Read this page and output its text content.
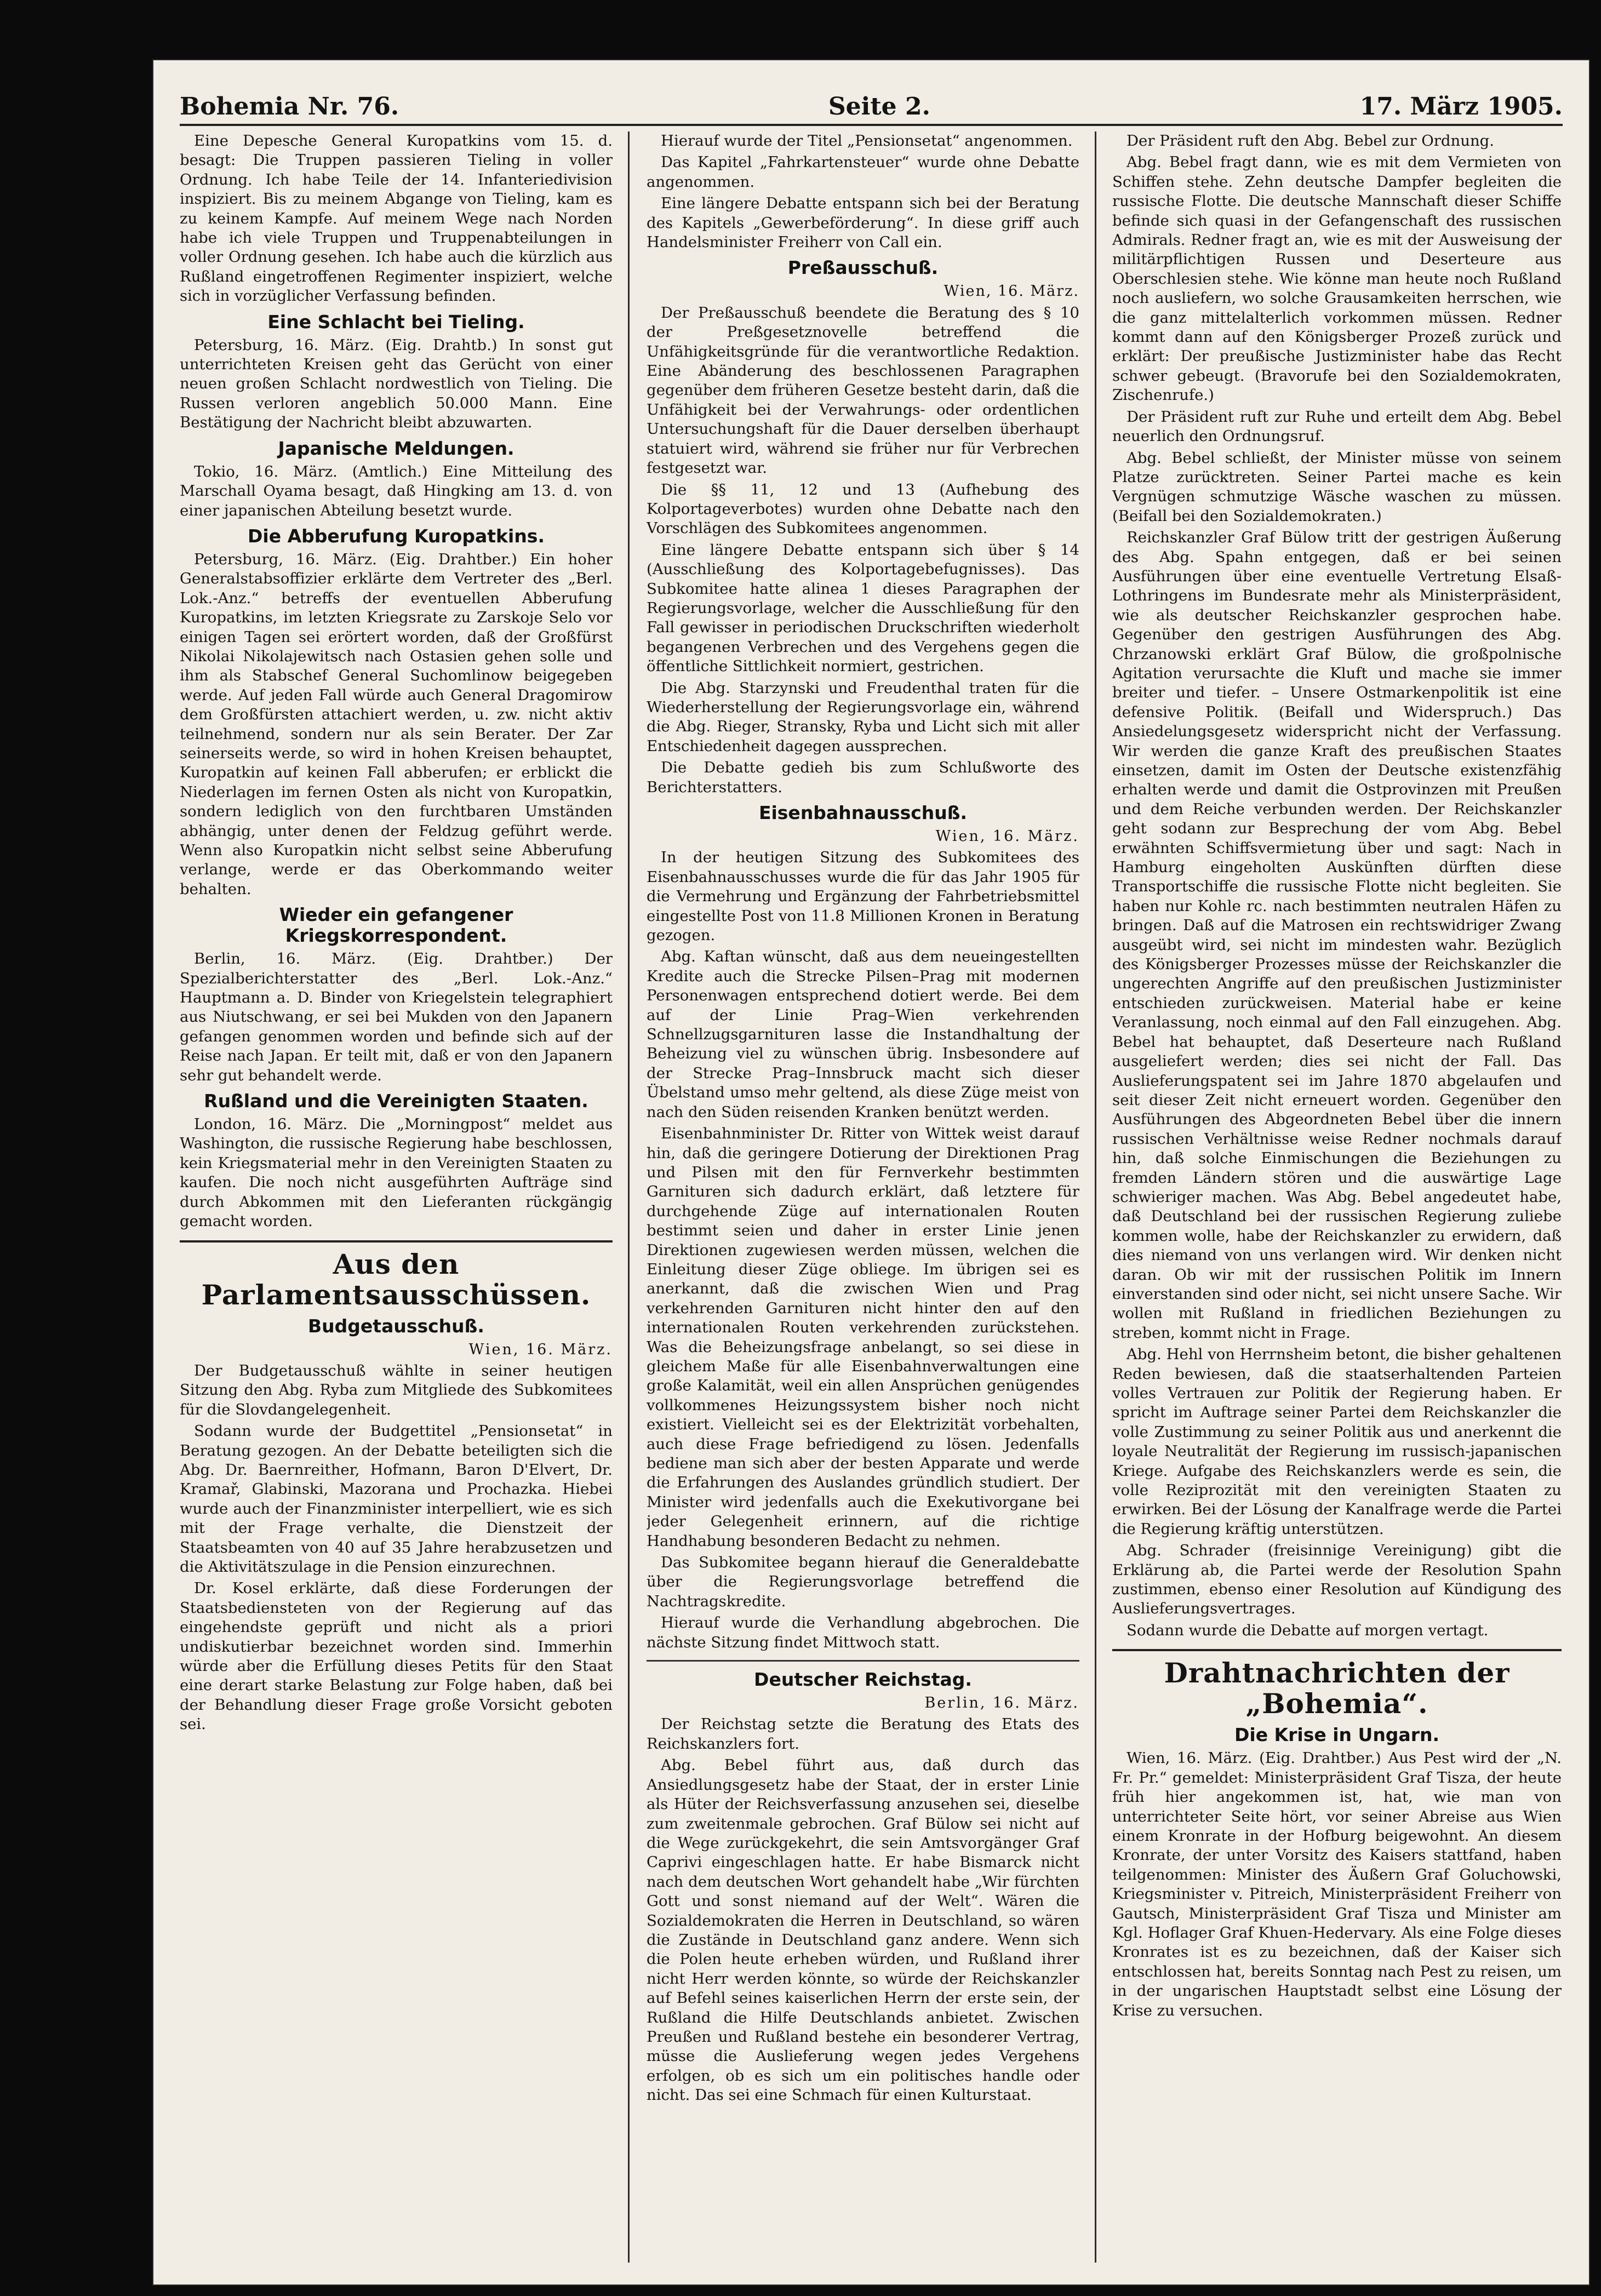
Bohemia Nr. 76.	Seite 2.	17. März 1905.

Eine Depesche General Kuropatkins vom 15. d. besagt: Die Truppen passieren Tieling in voller Ordnung. Ich habe Teile der 14. Infanteriedivision inspiziert. Bis zu meinem Abgange von Tieling, kam es zu keinem Kampfe. Auf meinem Wege nach Norden habe ich viele Truppen und Truppenabteilungen in voller Ordnung gesehen. Ich habe auch die kürzlich aus Rußland eingetroffenen Regimenter inspiziert, welche sich in vorzüglicher Verfassung befinden.

Eine Schlacht bei Tieling.

Petersburg, 16. März. (Eig. Drahtb.) In sonst gut unterrichteten Kreisen geht das Gerücht von einer neuen großen Schlacht nordwestlich von Tieling. Die Russen verloren angeblich 50.000 Mann. Eine Bestätigung der Nachricht bleibt abzuwarten.

Japanische Meldungen.

Tokio, 16. März. (Amtlich.) Eine Mitteilung des Marschall Oyama besagt, daß Hingking am 13. d. von einer japanischen Abteilung besetzt wurde.

Die Abberufung Kuropatkins.

Petersburg, 16. März. (Eig. Drahtber.) Ein hoher Generalstabsoffizier erklärte dem Vertreter des „Berl. Lok.-Anz.“ betreffs der eventuellen Abberufung Kuropatkins, im letzten Kriegsrate zu Zarskoje Selo vor einigen Tagen sei erörtert worden, daß der Großfürst Nikolai Nikolajewitsch nach Ostasien gehen solle und ihm als Stabschef General Suchomlinow beigegeben werde. Auf jeden Fall würde auch General Dragomirow dem Großfürsten attachiert werden, u. zw. nicht aktiv teilnehmend, sondern nur als sein Berater. Der Zar seinerseits werde, so wird in hohen Kreisen behauptet, Kuropatkin auf keinen Fall abberufen; er erblickt die Niederlagen im fernen Osten als nicht von Kuropatkin, sondern lediglich von den furchtbaren Umständen abhängig, unter denen der Feldzug geführt werde. Wenn also Kuropatkin nicht selbst seine Abberufung verlange, werde er das Oberkommando weiter behalten.

Wieder ein gefangener Kriegskorrespondent.

Berlin, 16. März. (Eig. Drahtber.) Der Spezialberichterstatter des „Berl. Lok.-Anz.“ Hauptmann a. D. Binder von Kriegelstein telegraphiert aus Niutschwang, er sei bei Mukden von den Japanern gefangen genommen worden und befinde sich auf der Reise nach Japan. Er teilt mit, daß er von den Japanern sehr gut behandelt werde.

Rußland und die Vereinigten Staaten.

London, 16. März. Die „Morningpost“ meldet aus Washington, die russische Regierung habe beschlossen, kein Kriegsmaterial mehr in den Vereinigten Staaten zu kaufen. Die noch nicht ausgeführten Aufträge sind durch Abkommen mit den Lieferanten rückgängig gemacht worden.

Aus den Parlamentsausschüssen.
Budgetausschuß.
Wien, 16. März.

Der Budgetausschuß wählte in seiner heutigen Sitzung den Abg. Ryba zum Mitgliede des Subkomitees für die Slovdangelegenheit.

Sodann wurde der Budgettitel „Pensionsetat“ in Beratung gezogen. An der Debatte beteiligten sich die Abg. Dr. Baernreither, Hofmann, Baron D'Elvert, Dr. Kramař, Glabinski, Mazorana und Prochazka. Hiebei wurde auch der Finanzminister interpelliert, wie es sich mit der Frage verhalte, die Dienstzeit der Staatsbeamten von 40 auf 35 Jahre herabzusetzen und die Aktivitätszulage in die Pension einzurechnen.

Dr. Kosel erklärte, daß diese Forderungen der Staatsbediensteten von der Regierung auf das eingehendste geprüft und nicht als a priori undiskutierbar bezeichnet worden sind. Immerhin würde aber die Erfüllung dieses Petits für den Staat eine derart starke Belastung zur Folge haben, daß bei der Behandlung dieser Frage große Vorsicht geboten sei.

Hierauf wurde der Titel „Pensionsetat“ angenommen.

Das Kapitel „Fahrkartensteuer“ wurde ohne Debatte angenommen.

Eine längere Debatte entspann sich bei der Beratung des Kapitels „Gewerbeförderung“. In diese griff auch Handelsminister Freiherr von Call ein.

Preßausschuß.
Wien, 16. März.

Der Preßausschuß beendete die Beratung des § 10 der Preßgesetznovelle betreffend die Unfähigkeitsgründe für die verantwortliche Redaktion. Eine Abänderung des beschlossenen Paragraphen gegenüber dem früheren Gesetze besteht darin, daß die Unfähigkeit bei der Verwahrungs- oder ordentlichen Untersuchungshaft für die Dauer derselben überhaupt statuiert wird, während sie früher nur für Verbrechen festgesetzt war.

Die §§ 11, 12 und 13 (Aufhebung des Kolportageverbotes) wurden ohne Debatte nach den Vorschlägen des Subkomitees angenommen.

Eine längere Debatte entspann sich über § 14 (Ausschließung des Kolportagebefugnisses). Das Subkomitee hatte alinea 1 dieses Paragraphen der Regierungsvorlage, welcher die Ausschließung für den Fall gewisser in periodischen Druckschriften wiederholt begangenen Verbrechen und des Vergehens gegen die öffentliche Sittlichkeit normiert, gestrichen.

Die Abg. Starzynski und Freudenthal traten für die Wiederherstellung der Regierungsvorlage ein, während die Abg. Rieger, Stransky, Ryba und Licht sich mit aller Entschiedenheit dagegen aussprechen.

Die Debatte gedieh bis zum Schlußworte des Berichterstatters.

Eisenbahnausschuß.
Wien, 16. März.

In der heutigen Sitzung des Subkomitees des Eisenbahnausschusses wurde die für das Jahr 1905 für die Vermehrung und Ergänzung der Fahrbetriebsmittel eingestellte Post von 11.8 Millionen Kronen in Beratung gezogen.

Abg. Kaftan wünscht, daß aus dem neueingestellten Kredite auch die Strecke Pilsen–Prag mit modernen Personenwagen entsprechend dotiert werde. Bei dem auf der Linie Prag–Wien verkehrenden Schnellzugsgarnituren lasse die Instandhaltung der Beheizung viel zu wünschen übrig. Insbesondere auf der Strecke Prag–Innsbruck macht sich dieser Übelstand umso mehr geltend, als diese Züge meist von nach den Süden reisenden Kranken benützt werden.

Eisenbahnminister Dr. Ritter von Wittek weist darauf hin, daß die geringere Dotierung der Direktionen Prag und Pilsen mit den für Fernverkehr bestimmten Garnituren sich dadurch erklärt, daß letztere für durchgehende Züge auf internationalen Routen bestimmt seien und daher in erster Linie jenen Direktionen zugewiesen werden müssen, welchen die Einleitung dieser Züge obliege. Im übrigen sei es anerkannt, daß die zwischen Wien und Prag verkehrenden Garnituren nicht hinter den auf den internationalen Routen verkehrenden zurückstehen. Was die Beheizungsfrage anbelangt, so sei diese in gleichem Maße für alle Eisenbahnverwaltungen eine große Kalamität, weil ein allen Ansprüchen genügendes vollkommenes Heizungssystem bisher noch nicht existiert. Vielleicht sei es der Elektrizität vorbehalten, auch diese Frage befriedigend zu lösen. Jedenfalls bediene man sich aber der besten Apparate und werde die Erfahrungen des Auslandes gründlich studiert. Der Minister wird jedenfalls auch die Exekutivorgane bei jeder Gelegenheit erinnern, auf die richtige Handhabung besonderen Bedacht zu nehmen.

Das Subkomitee begann hierauf die Generaldebatte über die Regierungsvorlage betreffend die Nachtragskredite.

Hierauf wurde die Verhandlung abgebrochen. Die nächste Sitzung findet Mittwoch statt.

Deutscher Reichstag.
Berlin, 16. März.

Der Reichstag setzte die Beratung des Etats des Reichskanzlers fort.

Abg. Bebel führt aus, daß durch das Ansiedlungsgesetz habe der Staat, der in erster Linie als Hüter der Reichsverfassung anzusehen sei, dieselbe zum zweitenmale gebrochen. Graf Bülow sei nicht auf die Wege zurückgekehrt, die sein Amtsvorgänger Graf Caprivi eingeschlagen hatte. Er habe Bismarck nicht nach dem deutschen Wort gehandelt habe „Wir fürchten Gott und sonst niemand auf der Welt“. Wären die Sozialdemokraten die Herren in Deutschland, so wären die Zustände in Deutschland ganz andere. Wenn sich die Polen heute erheben würden, und Rußland ihrer nicht Herr werden könnte, so würde der Reichskanzler auf Befehl seines kaiserlichen Herrn der erste sein, der Rußland die Hilfe Deutschlands anbietet. Zwischen Preußen und Rußland bestehe ein besonderer Vertrag, müsse die Auslieferung wegen jedes Vergehens erfolgen, ob es sich um ein politisches handle oder nicht. Das sei eine Schmach für einen Kulturstaat.

Der Präsident ruft den Abg. Bebel zur Ordnung.

Abg. Bebel fragt dann, wie es mit dem Vermieten von Schiffen stehe. Zehn deutsche Dampfer begleiten die russische Flotte. Die deutsche Mannschaft dieser Schiffe befinde sich quasi in der Gefangenschaft des russischen Admirals. Redner fragt an, wie es mit der Ausweisung der militärpflichtigen Russen und Deserteure aus Oberschlesien stehe. Wie könne man heute noch Rußland noch ausliefern, wo solche Grausamkeiten herrschen, wie die ganz mittelalterlich vorkommen müssen. Redner kommt dann auf den Königsberger Prozeß zurück und erklärt: Der preußische Justizminister habe das Recht schwer gebeugt. (Bravorufe bei den Sozialdemokraten, Zischenrufe.)

Der Präsident ruft zur Ruhe und erteilt dem Abg. Bebel neuerlich den Ordnungsruf.

Abg. Bebel schließt, der Minister müsse von seinem Platze zurücktreten. Seiner Partei mache es kein Vergnügen schmutzige Wäsche waschen zu müssen. (Beifall bei den Sozialdemokraten.)

Reichskanzler Graf Bülow tritt der gestrigen Äußerung des Abg. Spahn entgegen, daß er bei seinen Ausführungen über eine eventuelle Vertretung Elsaß-Lothringens im Bundesrate mehr als Ministerpräsident, wie als deutscher Reichskanzler gesprochen habe. Gegenüber den gestrigen Ausführungen des Abg. Chrzanowski erklärt Graf Bülow, die großpolnische Agitation verursachte die Kluft und mache sie immer breiter und tiefer. – Unsere Ostmarkenpolitik ist eine defensive Politik. (Beifall und Widerspruch.) Das Ansiedelungsgesetz widerspricht nicht der Verfassung. Wir werden die ganze Kraft des preußischen Staates einsetzen, damit im Osten der Deutsche existenzfähig erhalten werde und damit die Ostprovinzen mit Preußen und dem Reiche verbunden werden. Der Reichskanzler geht sodann zur Besprechung der vom Abg. Bebel erwähnten Schiffsvermietung über und sagt: Nach in Hamburg eingeholten Auskünften dürften diese Transportschiffe die russische Flotte nicht begleiten. Sie haben nur Kohle rc. nach bestimmten neutralen Häfen zu bringen. Daß auf die Matrosen ein rechtswidriger Zwang ausgeübt wird, sei nicht im mindesten wahr. Bezüglich des Königsberger Prozesses müsse der Reichskanzler die ungerechten Angriffe auf den preußischen Justizminister entschieden zurückweisen. Material habe er keine Veranlassung, noch einmal auf den Fall einzugehen. Abg. Bebel hat behauptet, daß Deserteure nach Rußland ausgeliefert werden; dies sei nicht der Fall. Das Auslieferungspatent sei im Jahre 1870 abgelaufen und seit dieser Zeit nicht erneuert worden. Gegenüber den Ausführungen des Abgeordneten Bebel über die innern russischen Verhältnisse weise Redner nochmals darauf hin, daß solche Einmischungen die Beziehungen zu fremden Ländern stören und die auswärtige Lage schwieriger machen. Was Abg. Bebel angedeutet habe, daß Deutschland bei der russischen Regierung zuliebe kommen wolle, habe der Reichskanzler zu erwidern, daß dies niemand von uns verlangen wird. Wir denken nicht daran. Ob wir mit der russischen Politik im Innern einverstanden sind oder nicht, sei nicht unsere Sache. Wir wollen mit Rußland in friedlichen Beziehungen zu streben, kommt nicht in Frage.

Abg. Hehl von Herrnsheim betont, die bisher gehaltenen Reden bewiesen, daß die staatserhaltenden Parteien volles Vertrauen zur Politik der Regierung haben. Er spricht im Auftrage seiner Partei dem Reichskanzler die volle Zustimmung zu seiner Politik aus und anerkennt die loyale Neutralität der Regierung im russisch-japanischen Kriege. Aufgabe des Reichskanzlers werde es sein, die volle Reziprozität mit den vereinigten Staaten zu erwirken. Bei der Lösung der Kanalfrage werde die Partei die Regierung kräftig unterstützen.

Abg. Schrader (freisinnige Vereinigung) gibt die Erklärung ab, die Partei werde der Resolution Spahn zustimmen, ebenso einer Resolution auf Kündigung des Auslieferungsvertrages.

Sodann wurde die Debatte auf morgen vertagt.

Drahtnachrichten der „Bohemia“.
Die Krise in Ungarn.

Wien, 16. März. (Eig. Drahtber.) Aus Pest wird der „N. Fr. Pr.“ gemeldet: Ministerpräsident Graf Tisza, der heute früh hier angekommen ist, hat, wie man von unterrichteter Seite hört, vor seiner Abreise aus Wien einem Kronrate in der Hofburg beigewohnt. An diesem Kronrate, der unter Vorsitz des Kaisers stattfand, haben teilgenommen: Minister des Äußern Graf Goluchowski, Kriegsminister v. Pitreich, Ministerpräsident Freiherr von Gautsch, Ministerpräsident Graf Tisza und Minister am Kgl. Hoflager Graf Khuen-Hedervary. Als eine Folge dieses Kronrates ist es zu bezeichnen, daß der Kaiser sich entschlossen hat, bereits Sonntag nach Pest zu reisen, um in der ungarischen Hauptstadt selbst eine Lösung der Krise zu versuchen.
